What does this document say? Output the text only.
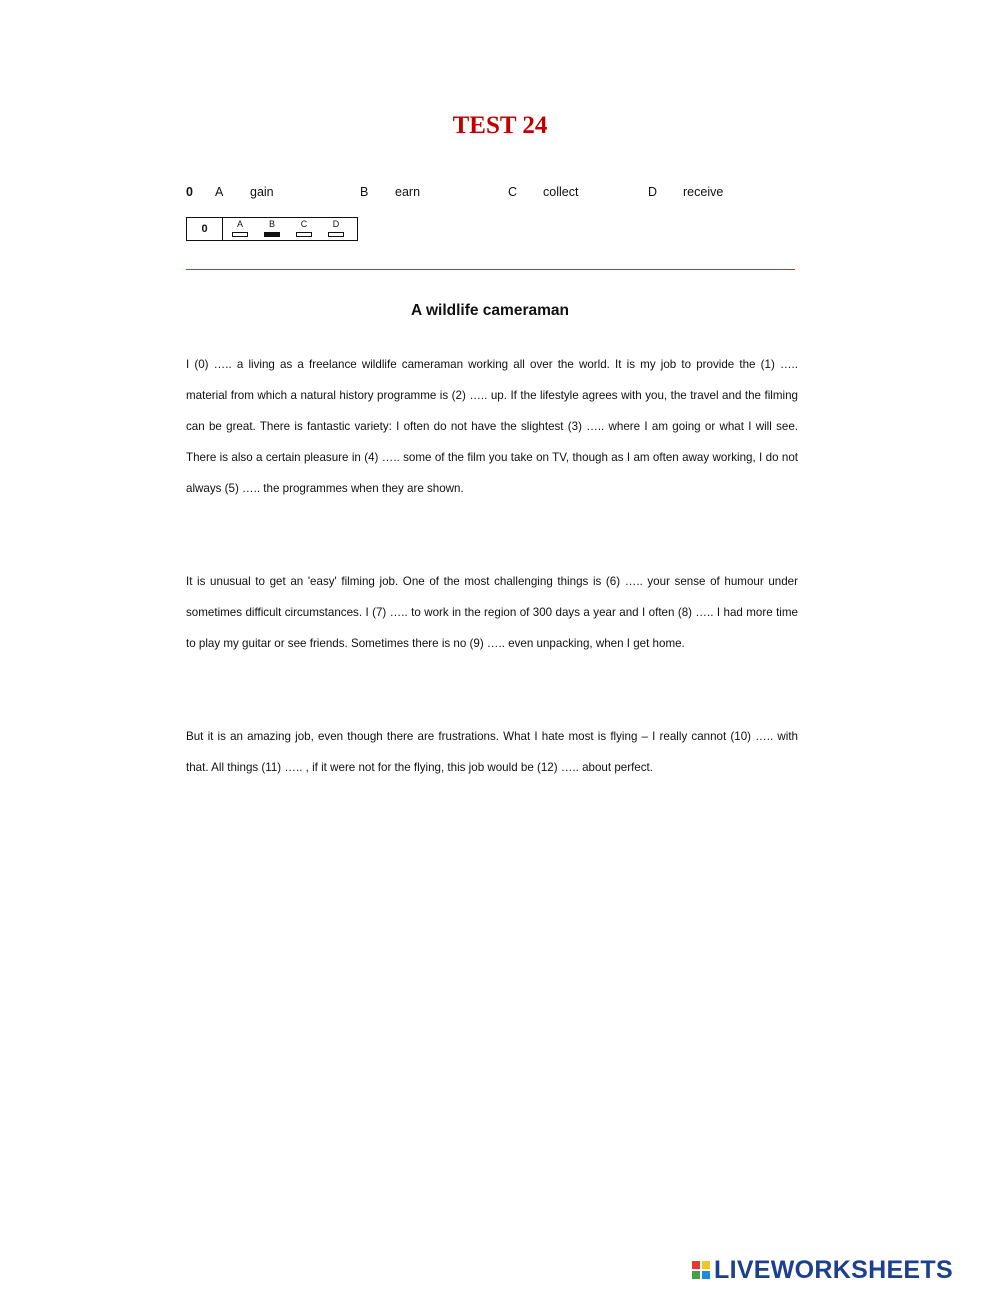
TEST 24
0 A gain	B earn	C collect	D receive
0	A	B	C	D
A wildlife cameraman

I (0) ….. a living as a freelance wildlife cameraman working all over the world. It is my job to provide the (1) ….. material from which a natural history programme is (2) ….. up. If the lifestyle agrees with you, the travel and the filming can be great. There is fantastic variety: I often do not have the slightest (3) ….. where I am going or what I will see. There is also a certain pleasure in (4) ….. some of the film you take on TV, though as I am often away working, I do not always (5) ….. the programmes when they are shown.

It is unusual to get an 'easy' filming job. One of the most challenging things is (6) ….. your sense of humour under sometimes difficult circumstances. I (7) ….. to work in the region of 300 days a year and I often (8) ….. I had more time to play my guitar or see friends. Sometimes there is no (9) ….. even unpacking, when I get home.

But it is an amazing job, even though there are frustrations. What I hate most is flying – I really cannot (10) ….. with that. All things (11) ….. , if it were not for the flying, this job would be (12) ….. about perfect.

LIVEWORKSHEETS
